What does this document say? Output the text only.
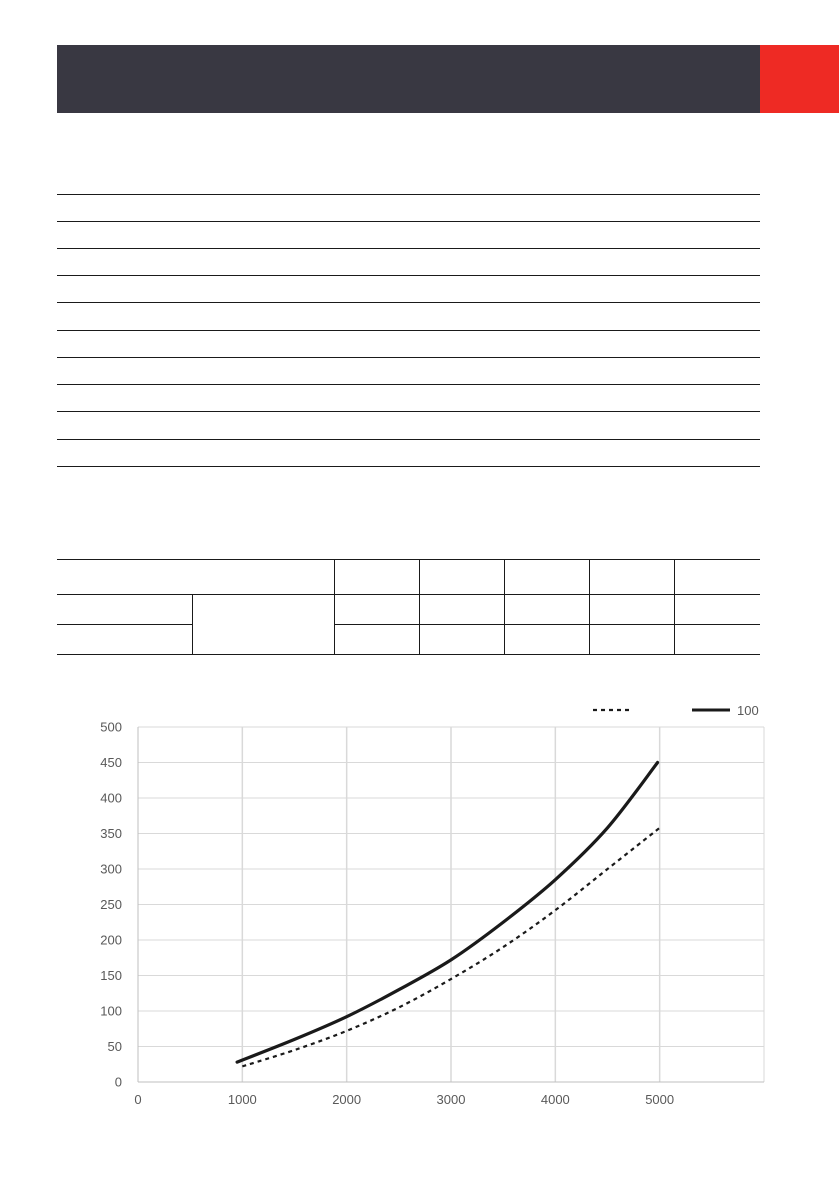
0
50
100
150
200
250
300
350
400
450
500
0	1000	2000	3000	4000	5000
100
